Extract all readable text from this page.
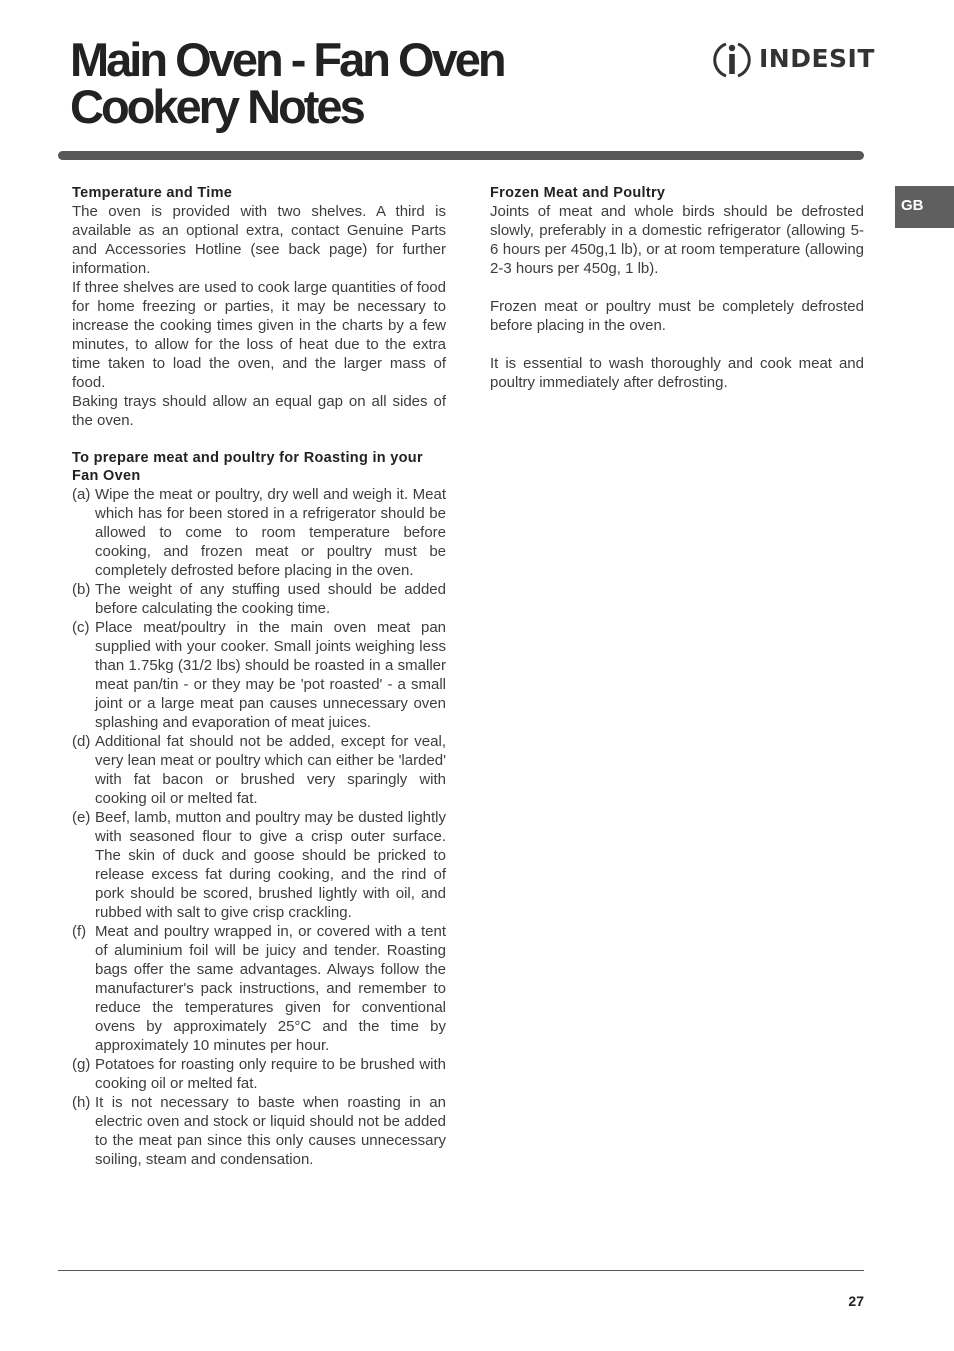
Main Oven - Fan Oven
Cookery Notes
INDESIT
GB
Temperature and Time

The oven is provided with two shelves. A third is available as an optional extra, contact Genuine Parts and Accessories Hotline (see back page) for further information.

If three shelves are used to cook large quantities of food for home freezing or parties, it may be necessary to increase the cooking times given in the charts by a few minutes, to allow for the loss of heat due to the extra time taken to load the oven, and the larger mass of food.

Baking trays should allow an equal gap on all sides of the oven.

To prepare meat and poultry for Roasting in your Fan Oven
(a) Wipe the meat or poultry, dry well and weigh it. Meat which has for been stored in a refrigerator should be allowed to come to room temperature before cooking, and frozen meat or poultry must be completely defrosted before placing in the oven.
(b) The weight of any stuffing used should be added before calculating the cooking time.
(c) Place meat/poultry in the main oven meat pan supplied with your cooker. Small joints weighing less than 1.75kg (31/2 lbs) should be roasted in a smaller meat pan/tin - or they may be 'pot roasted' - a small joint or a large meat pan causes unnecessary oven splashing and evaporation of meat juices.
(d) Additional fat should not be added, except for veal, very lean meat or poultry which can either be 'larded' with fat bacon or brushed very sparingly with cooking oil or melted fat.
(e) Beef, lamb, mutton and poultry may be dusted lightly with seasoned flour to give a crisp outer surface. The skin of duck and goose should be pricked to release excess fat during cooking, and the rind of pork should be scored, brushed lightly with oil, and rubbed with salt to give crisp crackling.
(f) Meat and poultry wrapped in, or covered with a tent of aluminium foil will be juicy and tender. Roasting bags offer the same advantages. Always follow the manufacturer's pack instructions, and remember to reduce the temperatures given for conventional ovens by approximately 25°C and the time by approximately 10 minutes per hour.
(g) Potatoes for roasting only require to be brushed with cooking oil or melted fat.
(h) It is not necessary to baste when roasting in an electric oven and stock or liquid should not be added to the meat pan since this only causes unnecessary soiling, steam and condensation.
Frozen Meat and Poultry

Joints of meat and whole birds should be defrosted slowly, preferably in a domestic refrigerator (allowing 5-6 hours per 450g,1 lb), or at room temperature (allowing 2-3 hours per 450g, 1 lb).

Frozen meat or poultry must be completely defrosted before placing in the oven.

It is essential to wash thoroughly and cook meat and poultry immediately after defrosting.

27
